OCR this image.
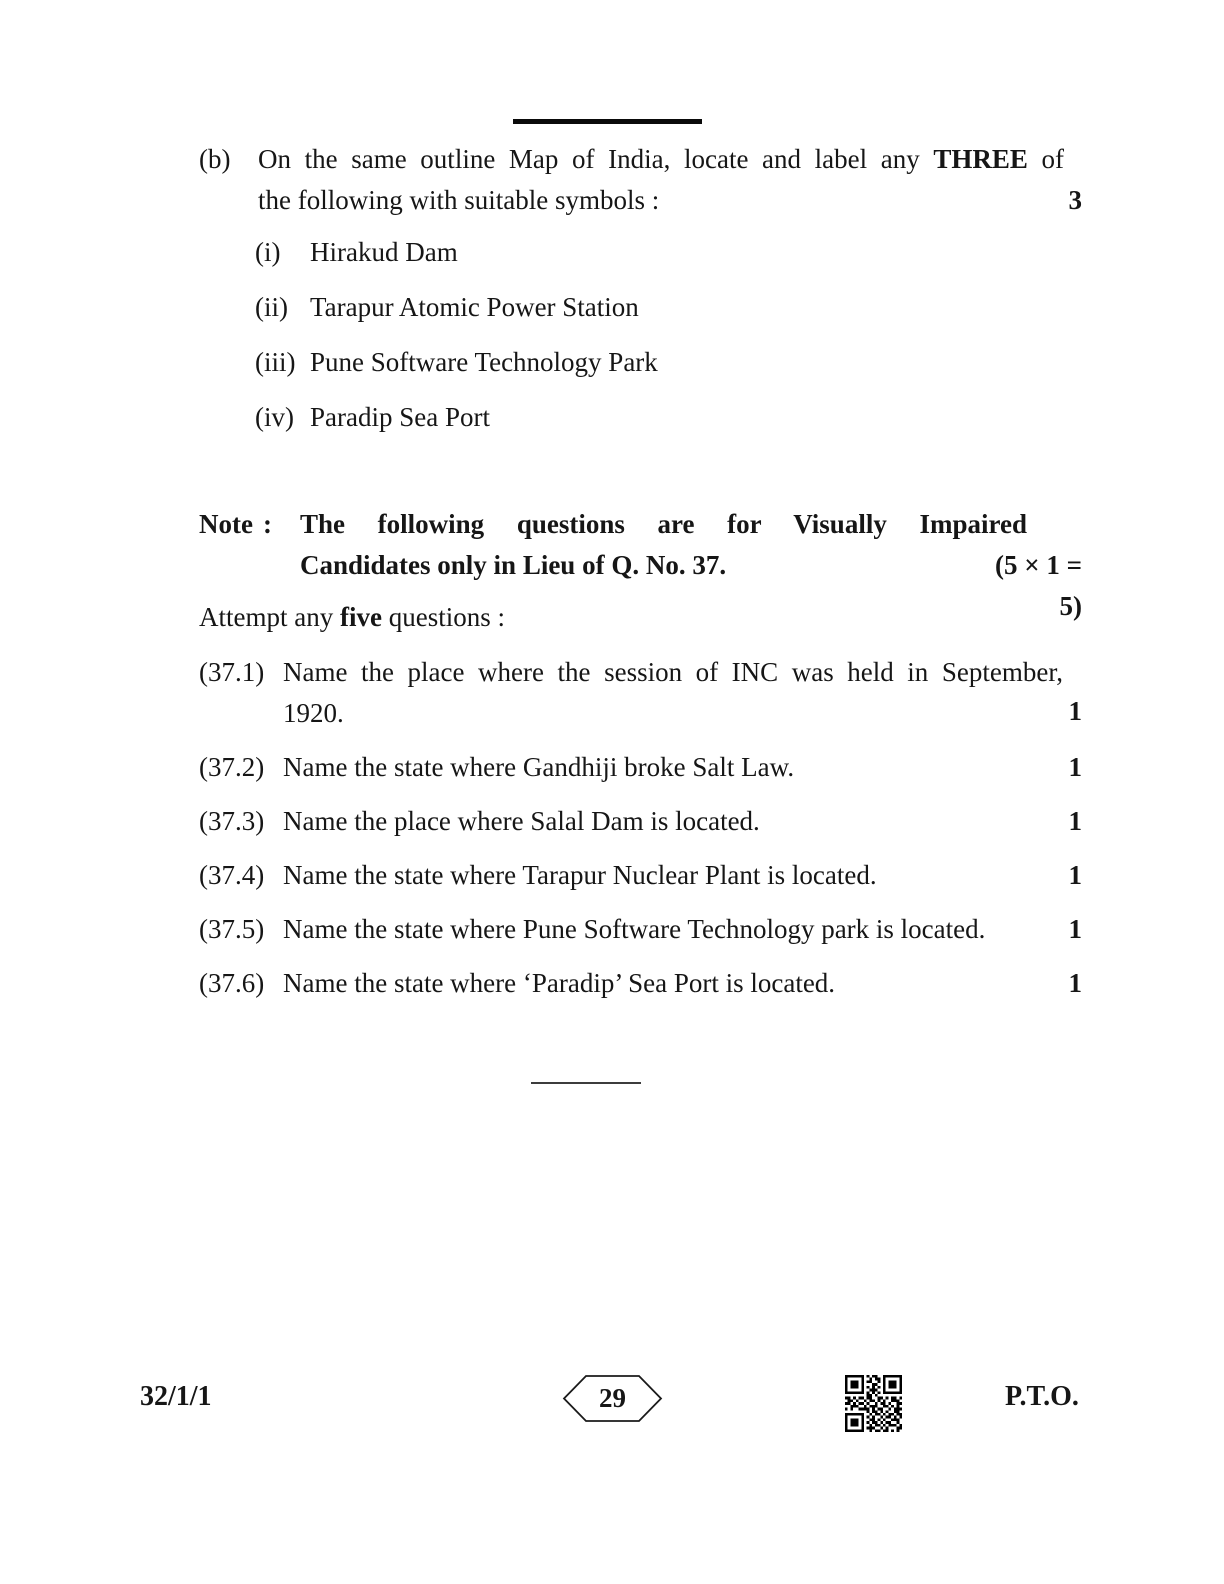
(b) On the same outline Map of India, locate and label any THREE of
the following with suitable symbols :	3
(i) Hirakud Dam
(ii) Tarapur Atomic Power Station
(iii) Pune Software Technology Park
(iv) Paradip Sea Port
Note : The following questions are for Visually Impaired
Candidates only in Lieu of Q. No. 37.	(5 × 1 = 5)
Attempt any five questions :
(37.1) Name the place where the session of INC was held in September,
1920.	1
(37.2) Name the state where Gandhiji broke Salt Law.	1
(37.3) Name the place where Salal Dam is located.	1
(37.4) Name the state where Tarapur Nuclear Plant is located.	1
(37.5) Name the state where Pune Software Technology park is located.	1
(37.6) Name the state where ‘Paradip’ Sea Port is located.	1
32/1/1	29	P.T.O.
